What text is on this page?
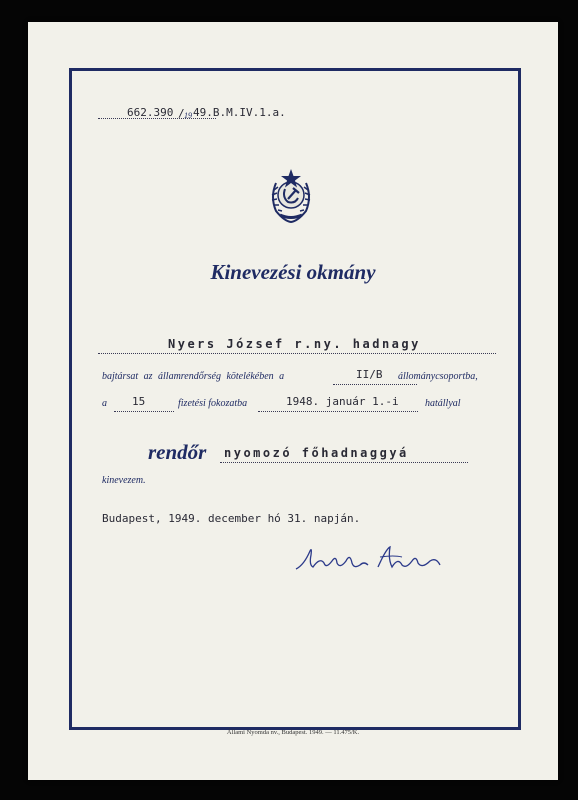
662.390 / 19 49.B.M.IV.1.a.
Kinevezési okmány
Nyers József r.ny. hadnagy
bajtársat az államrendőrség kötelékében a	II/B állománycsoportba,
a 15	fizetési fokozatba	1948. január 1.-i	hatállyal
rendőr nyomozó főhadnaggyá
kinevezem.
Budapest, 1949. december hó 31. napján.
Állami Nyomda nv., Budapest. 1949. — 11.475/K.
